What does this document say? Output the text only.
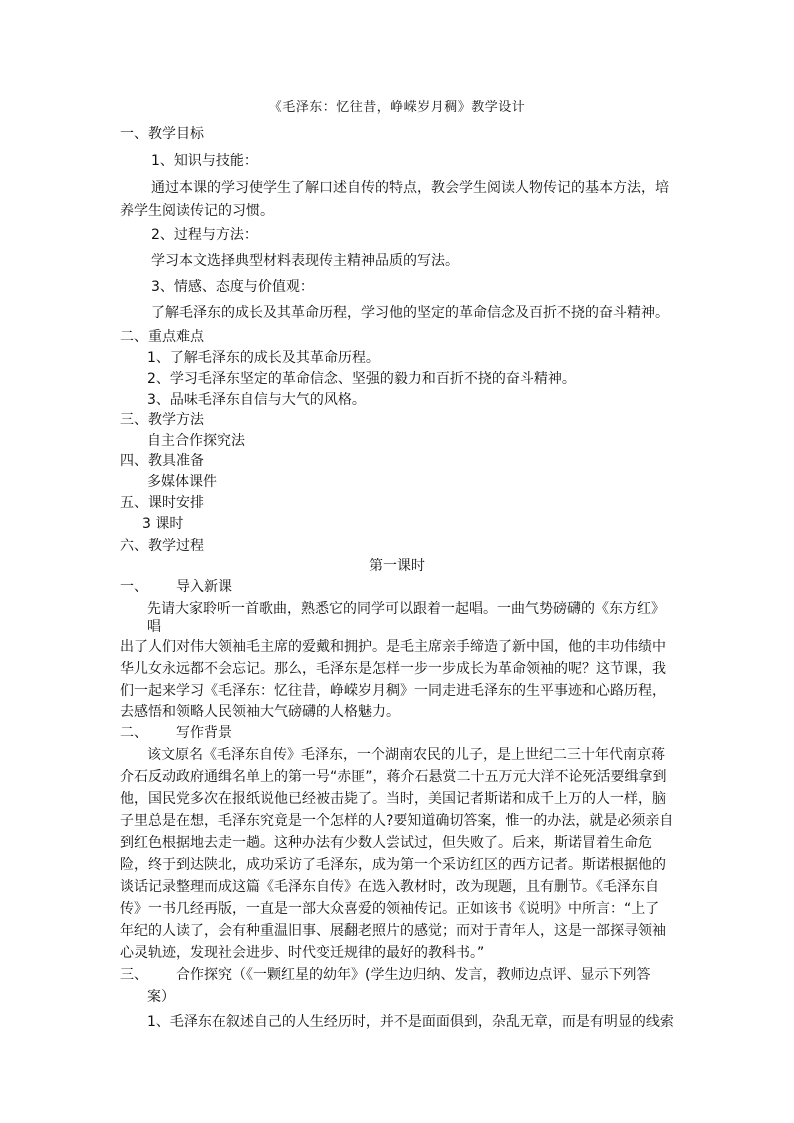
《毛泽东：忆往昔，峥嵘岁月稠》教学设计
一、教学目标
1、知识与技能：
通过本课的学习使学生了解口述自传的特点，教会学生阅读人物传记的基本方法，培
养学生阅读传记的习惯。
2、过程与方法：
学习本文选择典型材料表现传主精神品质的写法。
3、情感、态度与价值观：
了解毛泽东的成长及其革命历程，学习他的坚定的革命信念及百折不挠的奋斗精神。
二、重点难点
1、了解毛泽东的成长及其革命历程。
2、学习毛泽东坚定的革命信念、坚强的毅力和百折不挠的奋斗精神。
3、品味毛泽东自信与大气的风格。
三、教学方法
自主合作探究法
四、教具准备
多媒体课件
五、课时安排
3 课时
六、教学过程
第一课时
一、 导入新课
先请大家聆听一首歌曲，熟悉它的同学可以跟着一起唱。一曲气势磅礴的《东方红》
唱
出了人们对伟大领袖毛主席的爱戴和拥护。是毛主席亲手缔造了新中国，他的丰功伟绩中
华儿女永远都不会忘记。那么，毛泽东是怎样一步一步成长为革命领袖的呢？这节课，我
们一起来学习《毛泽东：忆往昔，峥嵘岁月稠》一同走进毛泽东的生平事迹和心路历程，
去感悟和领略人民领袖大气磅礴的人格魅力。
二、 写作背景
该文原名《毛泽东自传》毛泽东，一个湖南农民的儿子，是上世纪二三十年代南京蒋
介石反动政府通缉名单上的第一号“赤匪”，蒋介石悬赏二十五万元大洋不论死活要缉拿到
他，国民党多次在报纸说他已经被击毙了。当时，美国记者斯诺和成千上万的人一样，脑
子里总是在想，毛泽东究竟是一个怎样的人?要知道确切答案，惟一的办法，就是必须亲自
到红色根据地去走一趟。这种办法有少数人尝试过，但失败了。后来，斯诺冒着生命危
险，终于到达陕北，成功采访了毛泽东，成为第一个采访红区的西方记者。斯诺根据他的
谈话记录整理而成这篇《毛泽东自传》在选入教材时，改为现题，且有删节。《毛泽东自
传》一书几经再版，一直是一部大众喜爱的领袖传记。正如该书《说明》中所言：“上了
年纪的人读了，会有种重温旧事、展翻老照片的感觉；而对于青年人，这是一部探寻领袖
心灵轨迹，发现社会进步、时代变迁规律的最好的教科书。”
三、 合作探究（《一颗红星的幼年》(学生边归纳、发言，教师边点评、显示下列答
案）
1、毛泽东在叙述自己的人生经历时，并不是面面俱到，杂乱无章，而是有明显的线索
